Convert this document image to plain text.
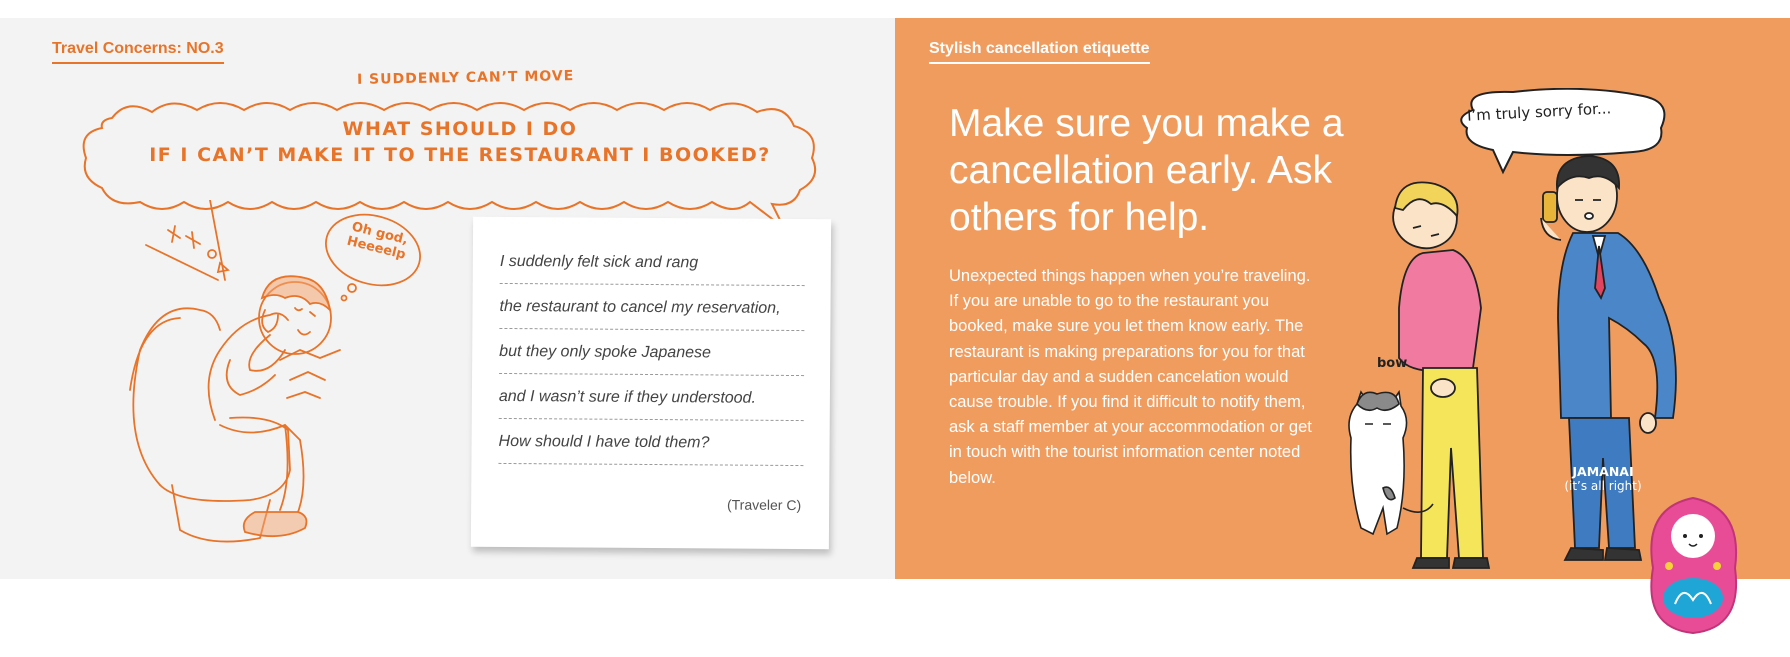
Travel Concerns: NO.3
I SUDDENLY CAN’T MOVE
WHAT SHOULD I DO
IF I CAN’T MAKE IT TO THE RESTAURANT I BOOKED?
Oh god, Heeeelp	I suddenly felt sick and rang
the restaurant to cancel my reservation,
but they only spoke Japanese
and I wasn’t sure if they understood.
How should I have told them?
(Traveler C)
Stylish cancellation etiquette
Make sure you make a cancellation early. Ask others for help.

Unexpected things happen when you’re traveling. If you are unable to go to the restaurant you booked, make sure you let them know early. The restaurant is making preparations for you for that particular day and a sudden cancelation would cause trouble. If you find it difficult to notify them, ask a staff member at your accommodation or get in touch with the tourist information center noted below.

I’m truly sorry for...
bow
JAMANAI
(it’s all right)
